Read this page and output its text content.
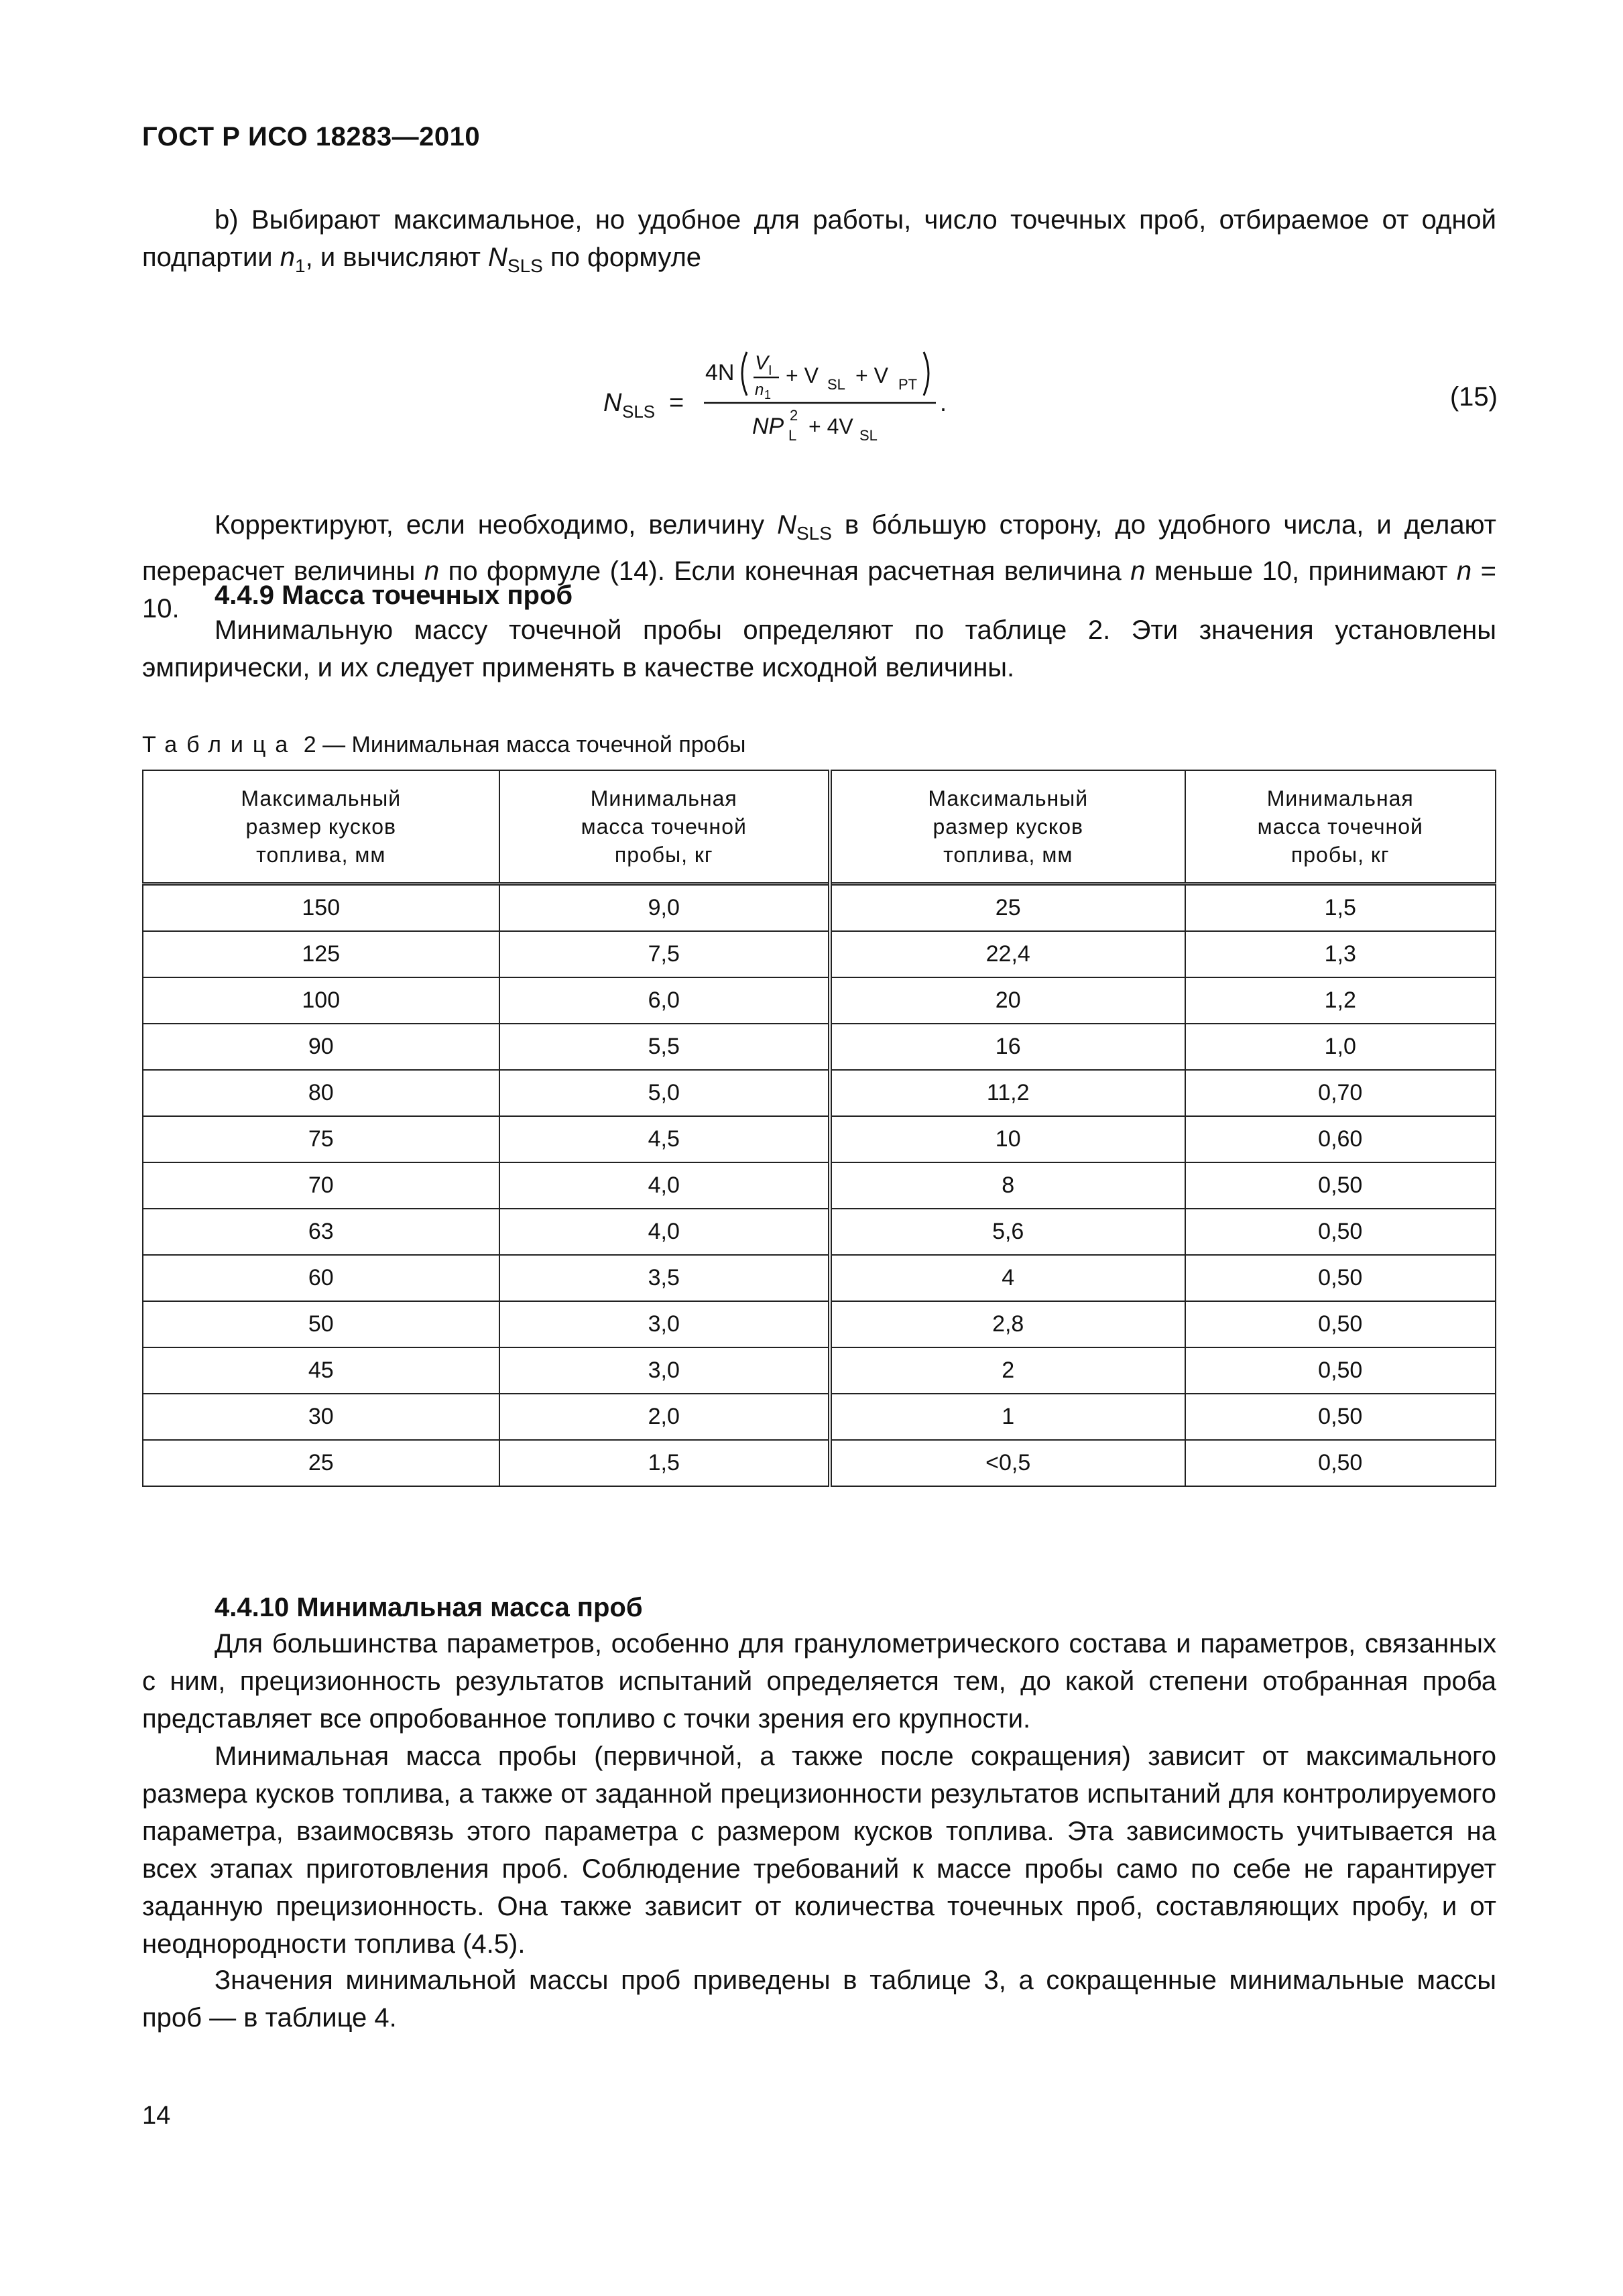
ГОСТ Р ИСО 18283—2010
b) Выбирают максимальное, но удобное для работы, число точечных проб, отбираемое от одной подпартии $n_1$, и вычисляют $N_{SLS}$ по формуле
N SLS =
4N V I
n 1
+ V SL + V PT
.
NP 2
L + 4V SL
(15)
Корректируют, если необходимо, величину $N_{SLS}$ в бóльшую сторону, до удобного числа, и делают перерасчет величины n по формуле (14). Если конечная расчетная величина n меньше 10, принимают n = 10.	4.4.9 Масса точечных проб
Минимальную массу точечной пробы определяют по таблице 2. Эти значения установлены эмпирически, и их следует применять в качестве исходной величины.
Таблица 2 — Минимальная масса точечной пробы
Максимальный размер кусков топлива, мм	Минимальная масса точечной пробы, кг	Максимальный размер кусков топлива, мм	Минимальная масса точечной пробы, кг
150	9,0	25	1,5
125	7,5	22,4	1,3
100	6,0	20	1,2
90	5,5	16	1,0
80	5,0	11,2	0,70
75	4,5	10	0,60
70	4,0	8	0,50
63	4,0	5,6	0,50
60	3,5	4	0,50
50	3,0	2,8	0,50
45	3,0	2	0,50
30	2,0	1	0,50
25	1,5	<0,5	0,50
4.4.10 Минимальная масса проб
Для большинства параметров, особенно для гранулометрического состава и параметров, связанных с ним, прецизионность результатов испытаний определяется тем, до какой степени отобранная проба представляет все опробованное топливо с точки зрения его крупности.
Минимальная масса пробы (первичной, а также после сокращения) зависит от максимального размера кусков топлива, а также от заданной прецизионности результатов испытаний для контролируемого параметра, взаимосвязь этого параметра с размером кусков топлива. Эта зависимость учитывается на всех этапах приготовления проб. Соблюдение требований к массе пробы само по себе не гарантирует заданную прецизионность. Она также зависит от количества точечных проб, составляющих пробу, и от неоднородности топлива (4.5).
Значения минимальной массы проб приведены в таблице 3, а сокращенные минимальные массы проб — в таблице 4.
14
